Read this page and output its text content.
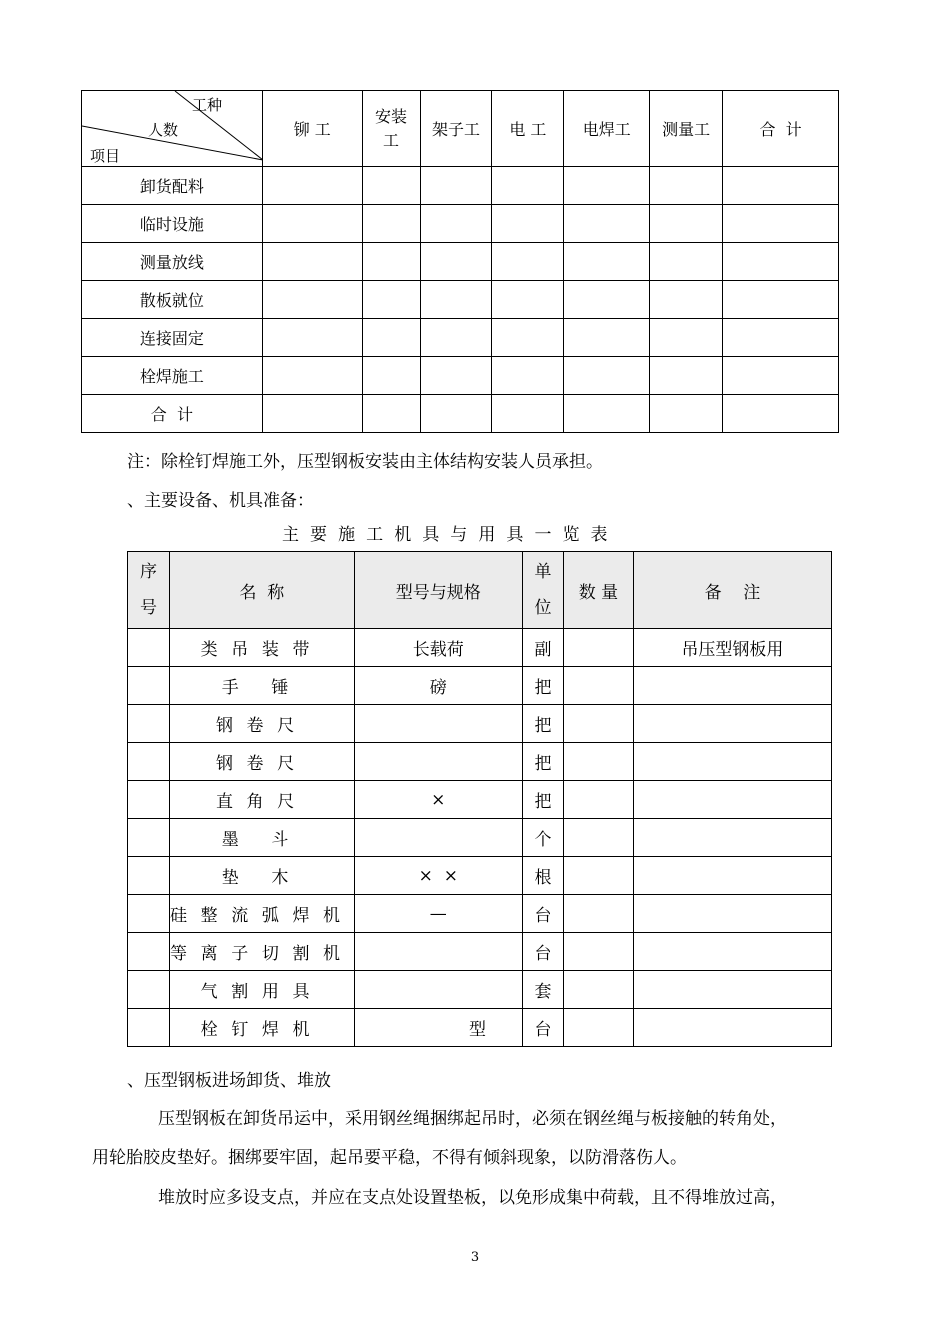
工种
人数
项目	铆 工	安装工	架子工	电 工	电焊工	测量工	合  计
卸货配料							
临时设施							
测量放线							
散板就位							
连接固定							
栓焊施工							
合  计							
注：除栓钉焊施工外，压型钢板安装由主体结构安装人员承担。
、主要设备、机具准备：
主要施工机具与用具一览表
序号	名  称	型号与规格	单位	数 量	备    注
	类吊装带	长载荷	副		吊压型钢板用
	手 锤	磅	把		
	钢卷尺		把		
	钢卷尺		把		
	直角尺	×	把		
	墨 斗		个		
	垫 木	×  ×	根		
	硅整流弧焊机	—	台		
	等离子切割机		台		
	气割用具		套		
	栓钉焊机	型	台		
、压型钢板进场卸货、堆放
压型钢板在卸货吊运中，采用钢丝绳捆绑起吊时，必须在钢丝绳与板接触的转角处，
用轮胎胶皮垫好。捆绑要牢固，起吊要平稳，不得有倾斜现象，以防滑落伤人。
堆放时应多设支点，并应在支点处设置垫板，以免形成集中荷载，且不得堆放过高，
3
